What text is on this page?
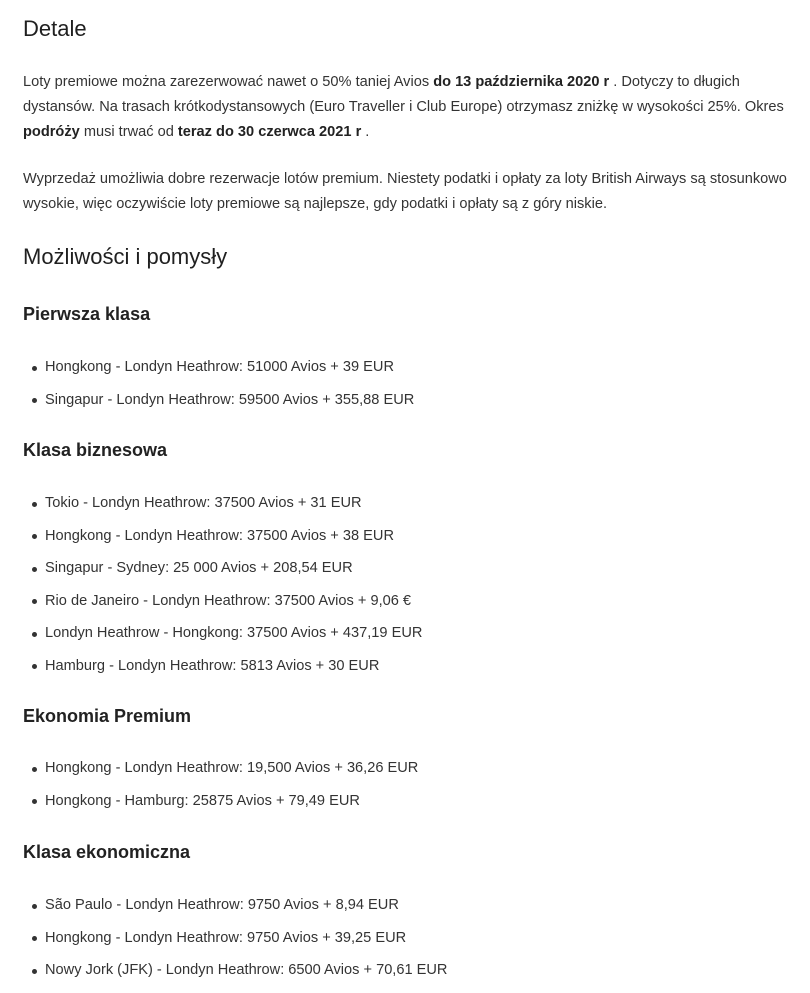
Detale

Loty premiowe można zarezerwować nawet o 50% taniej Avios do 13 października 2020 r . Dotyczy to długich dystansów. Na trasach krótkodystansowych (Euro Traveller i Club Europe) otrzymasz zniżkę w wysokości 25%. Okres podróży musi trwać od teraz do 30 czerwca 2021 r .

Wyprzedaż umożliwia dobre rezerwacje lotów premium. Niestety podatki i opłaty za loty British Airways są stosunkowo wysokie, więc oczywiście loty premiowe są najlepsze, gdy podatki i opłaty są z góry niskie.

Możliwości i pomysły
Pierwsza klasa
Hongkong - Londyn Heathrow: 51000 Avios + 39 EUR
Singapur - Londyn Heathrow: 59500 Avios + 355,88 EUR
Klasa biznesowa
Tokio - Londyn Heathrow: 37500 Avios + 31 EUR
Hongkong - Londyn Heathrow: 37500 Avios + 38 EUR
Singapur - Sydney: 25 000 Avios + 208,54 EUR
Rio de Janeiro - Londyn Heathrow: 37500 Avios + 9,06 €
Londyn Heathrow - Hongkong: 37500 Avios + 437,19 EUR
Hamburg - Londyn Heathrow: 5813 Avios + 30 EUR
Ekonomia Premium
Hongkong - Londyn Heathrow: 19,500 Avios + 36,26 EUR
Hongkong - Hamburg: 25875 Avios + 79,49 EUR
Klasa ekonomiczna
São Paulo - Londyn Heathrow: 9750 Avios + 8,94 EUR
Hongkong - Londyn Heathrow: 9750 Avios + 39,25 EUR
Nowy Jork (JFK) - Londyn Heathrow: 6500 Avios + 70,61 EUR
